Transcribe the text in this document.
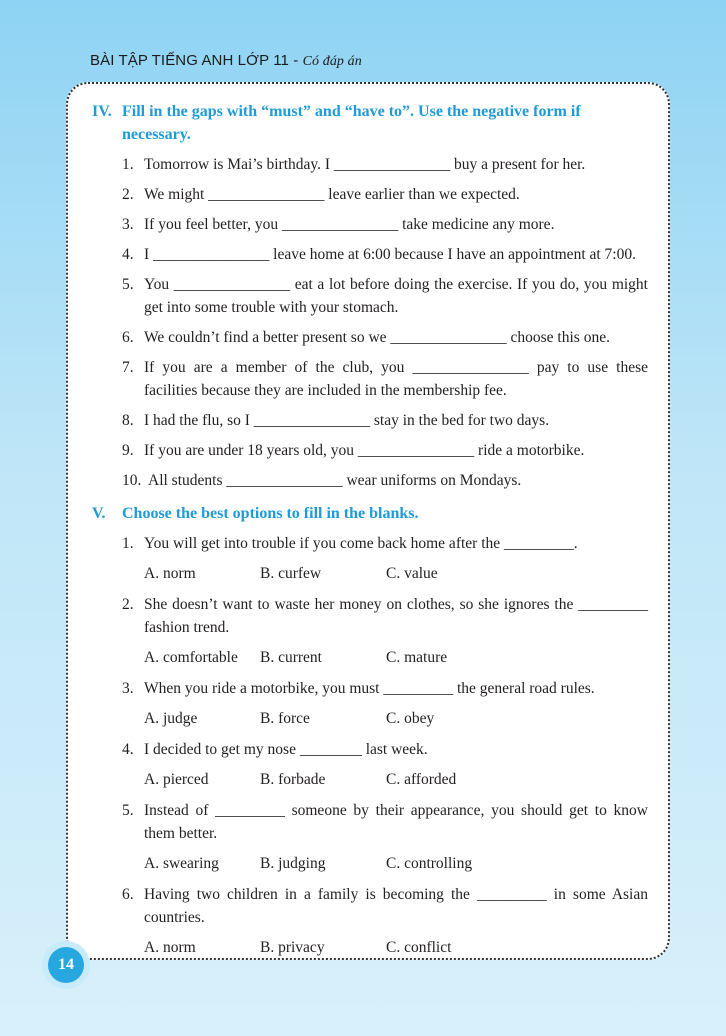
BÀI TẬP TIẾNG ANH LỚP 11 - Có đáp án
IV. Fill in the gaps with “must” and “have to”. Use the negative form if necessary.
1. Tomorrow is Mai’s birthday. I _______________ buy a present for her.
2. We might _______________ leave earlier than we expected.
3. If you feel better, you _______________ take medicine any more.
4. I _______________ leave home at 6:00 because I have an appointment at 7:00.
5. You _______________ eat a lot before doing the exercise. If you do, you might get into some trouble with your stomach.
6. We couldn’t find a better present so we _______________ choose this one.
7. If you are a member of the club, you _______________ pay to use these facilities because they are included in the membership fee.
8. I had the flu, so I _______________ stay in the bed for two days.
9. If you are under 18 years old, you _______________ ride a motorbike.
10. All students _______________ wear uniforms on Mondays.
V.	Choose the best options to fill in the blanks.
1. You will get into trouble if you come back home after the _________.
A. norm	B. curfew	C. value
2. She doesn’t want to waste her money on clothes, so she ignores the _________ fashion trend.
A. comfortable	B. current	C. mature
3. When you ride a motorbike, you must _________ the general road rules.
A. judge	B. force	C. obey
4. I decided to get my nose ________ last week.
A. pierced	B. forbade	C. afforded
5. Instead of _________ someone by their appearance, you should get to know them better.
A. swearing	B. judging	C. controlling
6. Having two children in a family is becoming the _________ in some Asian countries.
A. norm	B. privacy	C. conflict
14
